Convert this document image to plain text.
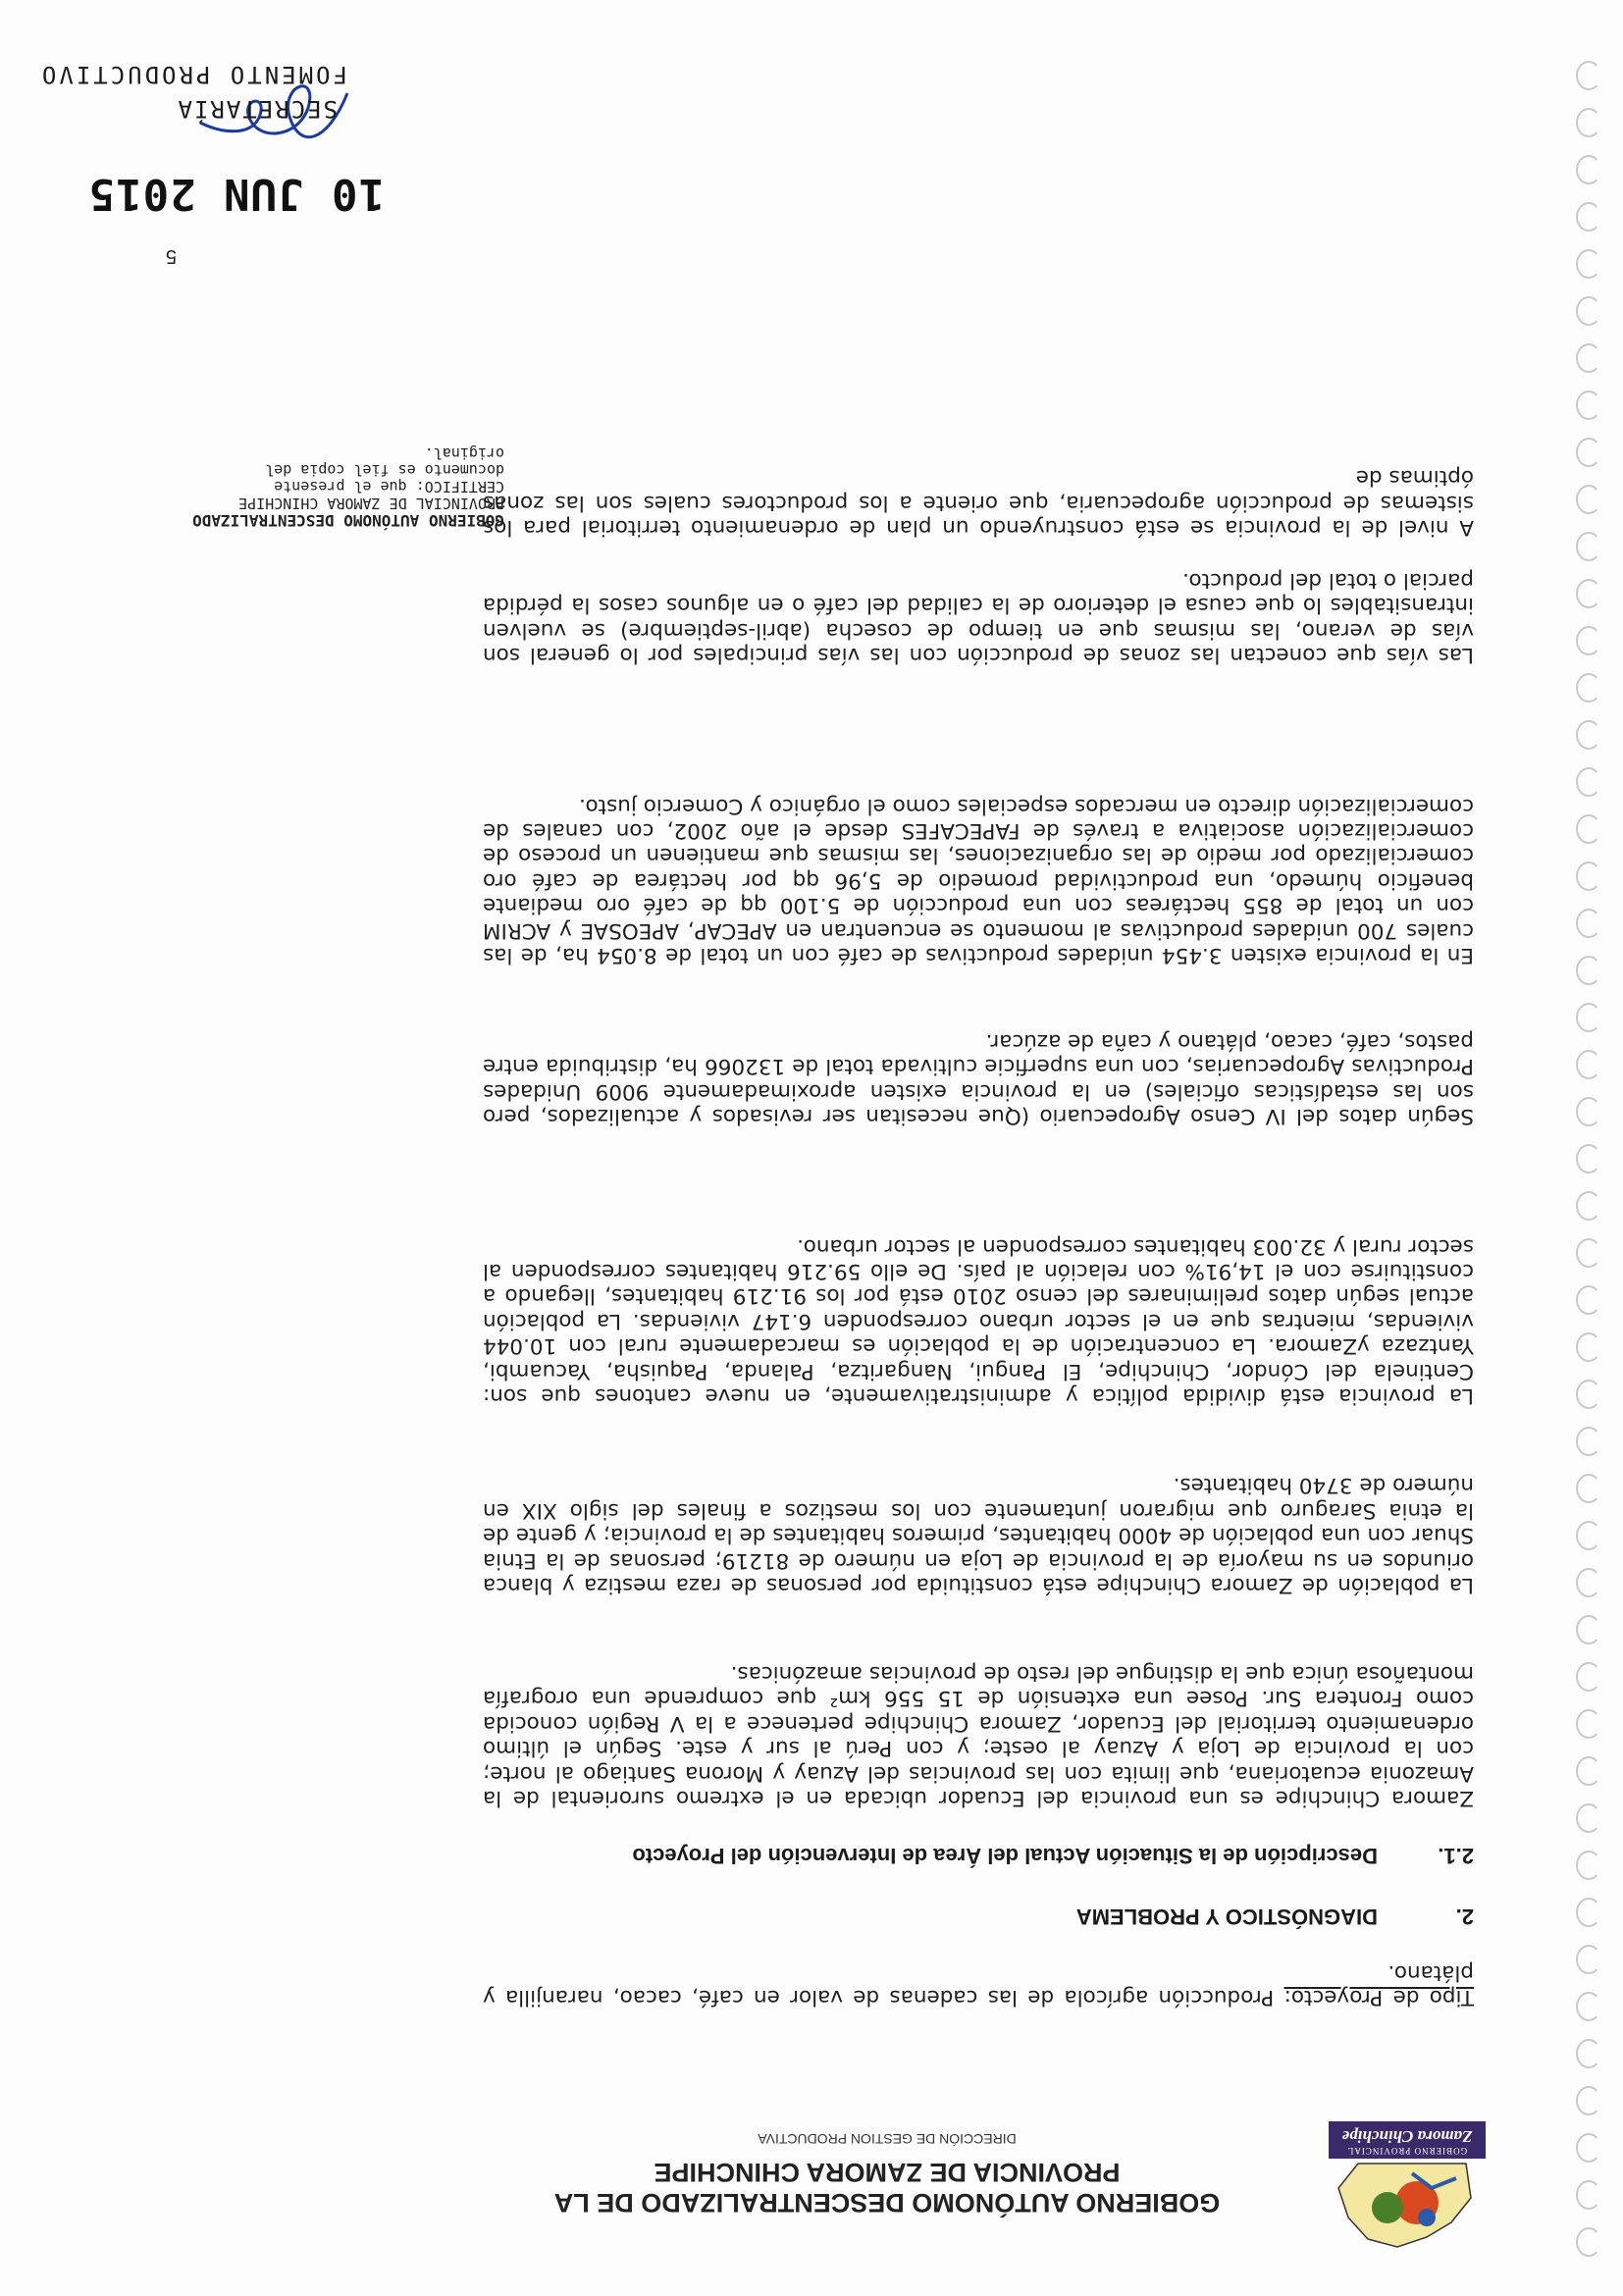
GOBIERNO PROVINCIAL
Zamora Chinchipe
GOBIERNO AUTÓNOMO DESCENTRALIZADO DE LA
PROVINCIA DE ZAMORA CHINCHIPE
DIRECCIÓN DE GESTION PRODUCTIVA
Tipo de Proyecto: Producción agrícola de las cadenas de valor en café, cacao, naranjilla y plátano.
2.
DIAGNÓSTICO Y PROBLEMA
2.1.
Descripción de la Situación Actual del Área de Intervención del Proyecto
Zamora Chinchipe es una provincia del Ecuador ubicada en el extremo suroriental de la Amazonia ecuatoriana, que limita con las provincias del Azuay y Morona Santiago al norte; con la provincia de Loja y Azuay al oeste; y con Perú al sur y este. Según el último ordenamiento territorial del Ecuador, Zamora Chinchipe pertenece a la V Región conocida como Frontera Sur. Posee una extensión de 15 556 km² que comprende una orografía montañosa única que la distingue del resto de provincias amazónicas.
La población de Zamora Chinchipe está constituida por personas de raza mestiza y blanca oriundos en su mayoría de la provincia de Loja en número de 81219; personas de la Etnia Shuar con una población de 4000 habitantes, primeros habitantes de la provincia; y gente de la etnia Saraguro que migraron juntamente con los mestizos a finales del siglo XIX en número de 3740 habitantes.
La provincia está dividida política y administrativamente, en nueve cantones que son: Centinela del Cóndor, Chinchipe, El Pangui, Nangaritza, Palanda, Paquisha, Yacuambi, Yantzaza yZamora. La concentración de la población es marcadamente rural con 10.044 viviendas, mientras que en el sector urbano corresponden 6.147 viviendas. La población actual según datos preliminares del censo 2010 está por los 91.219 habitantes, llegando a constituirse con el 14,91% con relación al país. De ello 59.216 habitantes corresponden al sector rural y 32.003 habitantes corresponden al sector urbano.
Según datos del IV Censo Agropecuario (Que necesitan ser revisados y actualizados, pero son las estadísticas oficiales) en la provincia existen aproximadamente 9009 Unidades Productivas Agropecuarias, con una superficie cultivada total de 132066 ha, distribuida entre pastos, café, cacao, plátano y caña de azúcar.
En la provincia existen 3.454 unidades productivas de café con un total de 8.054 ha, de las cuales 700 unidades productivas al momento se encuentran en APECAP, APEOSAE y ACRIM con un total de 855 hectáreas con una producción de 5.100 qq de café oro mediante beneficio húmedo, una productividad promedio de 5,96 qq por hectárea de café oro comercializado por medio de las organizaciones, las mismas que mantienen un proceso de comercialización asociativa a través de FAPECAFES desde el año 2002, con canales de comercialización directo en mercados especiales como el orgánico y Comercio justo.
Las vías que conectan las zonas de producción con las vías principales por lo general son vías de verano, las mismas que en tiempo de cosecha (abril-septiembre) se vuelven intransitables lo que causa el deterioro de la calidad del café o en algunos casos la pérdida parcial o total del producto.
A nivel de la provincia se está construyendo un plan de ordenamiento territorial para los sistemas de producción agropecuaria, que oriente a los productores cuales son las zonas óptimas de
GOBIERNO AUTÓNOMO DESCENTRALIZADO
PROVINCIAL DE ZAMORA CHINCHIPE
CERTIFICO: que el presente
documento es fiel copia del
original.
5
10 JUN 2015
SECRETARÍA
FOMENTO PRODUCTIVO
